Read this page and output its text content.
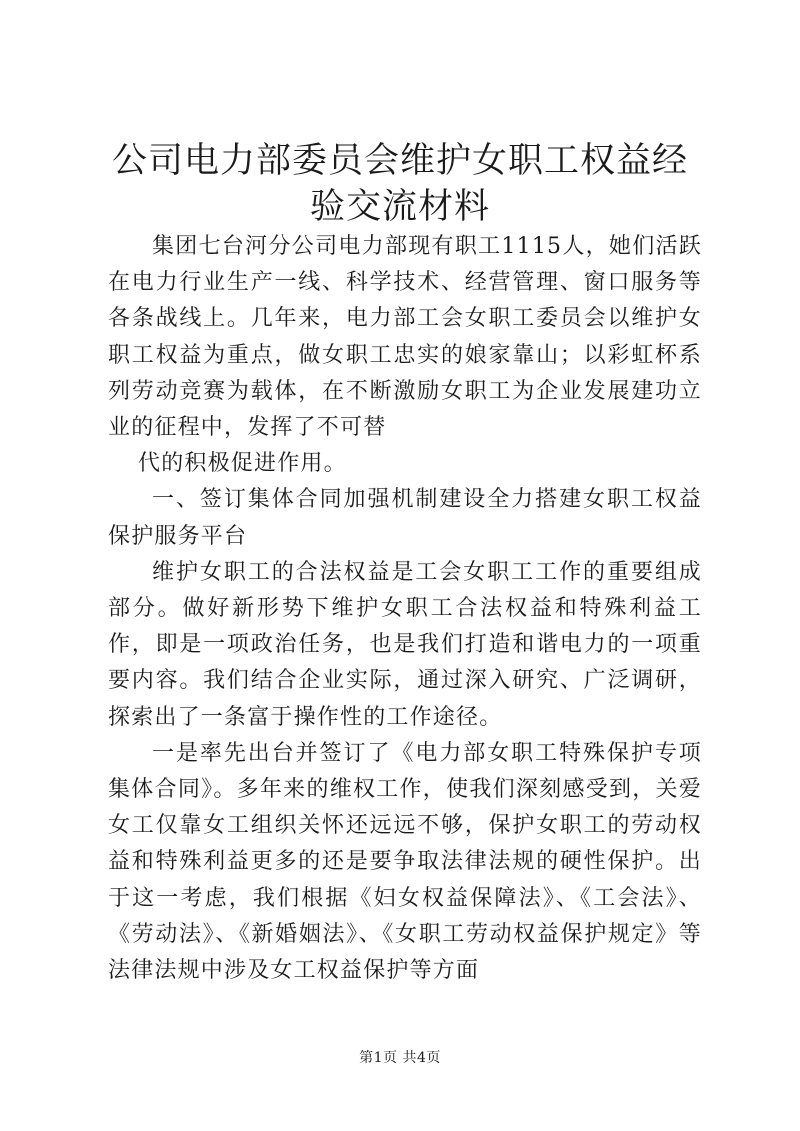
公司电力部委员会维护女职工权益经验交流材料

集团七台河分公司电力部现有职工1115人，她们活跃在电力行业生产一线、科学技术、经营管理、窗口服务等各条战线上。几年来，电力部工会女职工委员会以维护女职工权益为重点，做女职工忠实的娘家靠山；以彩虹杯系列劳动竞赛为载体，在不断激励女职工为企业发展建功立业的征程中，发挥了不可替

代的积极促进作用。

一、签订集体合同加强机制建设全力搭建女职工权益保护服务平台

维护女职工的合法权益是工会女职工工作的重要组成部分。做好新形势下维护女职工合法权益和特殊利益工作，即是一项政治任务，也是我们打造和谐电力的一项重要内容。我们结合企业实际，通过深入研究、广泛调研，探索出了一条富于操作性的工作途径。

一是率先出台并签订了《电力部女职工特殊保护专项集体合同》。多年来的维权工作，使我们深刻感受到，关爱女工仅靠女工组织关怀还远远不够，保护女职工的劳动权益和特殊利益更多的还是要争取法律法规的硬性保护。出于这一考虑，我们根据《妇女权益保障法》、《工会法》、《劳动法》、《新婚姻法》、《女职工劳动权益保护规定》等法律法规中涉及女工权益保护等方面

第1页 共4页
